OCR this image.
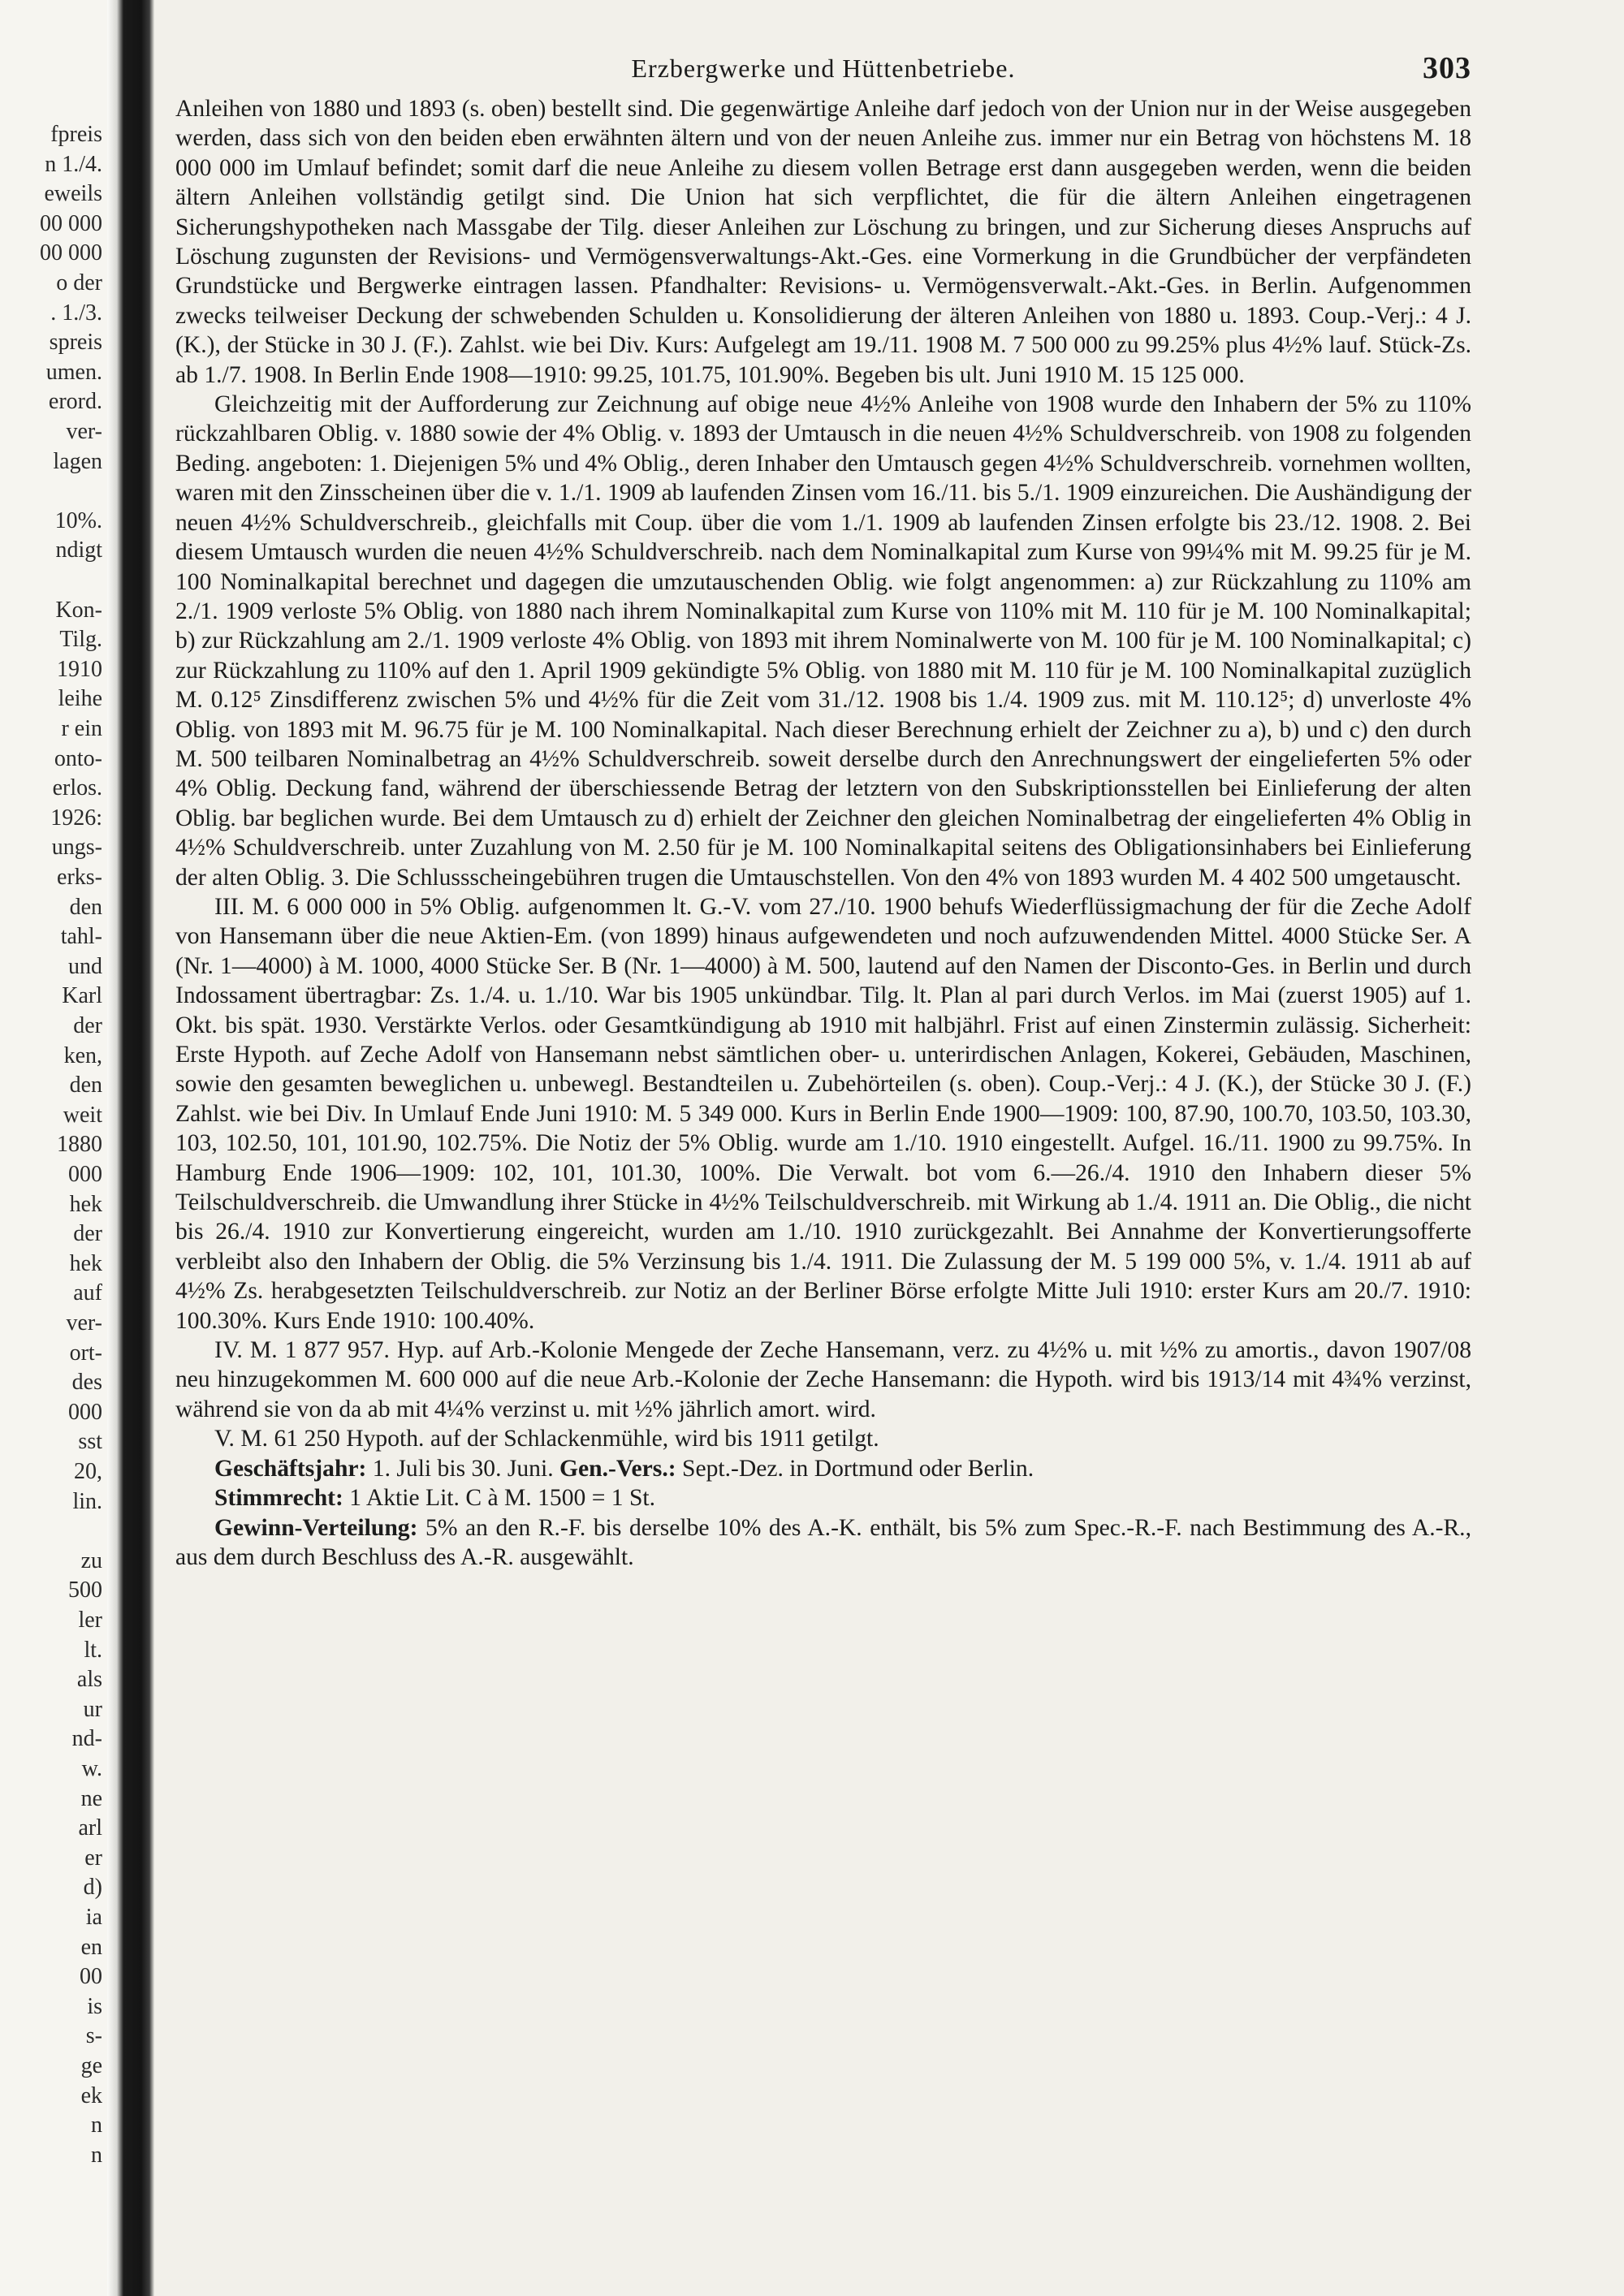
fpreis
n 1./4.
eweils
00 000
00 000
o der
. 1./3.
spreis
umen.
erord.
ver-
lagen
10%.
ndigt
Kon-
Tilg.
1910
leihe
r ein
onto-
erlos.
1926:
ungs-
erks-
den
tahl-
und
Karl
der
ken,
den
weit
1880
000
hek
der
hek
auf
ver-
ort-
des
000
sst
20,
lin.
zu
500
ler
lt.
als
ur
nd-
w.
ne
arl
er
d)
ia
en
00
is
s-
ge
ek
n
n
Erzbergwerke und Hüttenbetriebe.	303

Anleihen von 1880 und 1893 (s. oben) bestellt sind. Die gegenwärtige Anleihe darf jedoch von der Union nur in der Weise ausgegeben werden, dass sich von den beiden eben erwähnten ältern und von der neuen Anleihe zus. immer nur ein Betrag von höchstens M. 18 000 000 im Umlauf befindet; somit darf die neue Anleihe zu diesem vollen Betrage erst dann ausgegeben werden, wenn die beiden ältern Anleihen vollständig getilgt sind. Die Union hat sich verpflichtet, die für die ältern Anleihen eingetragenen Sicherungshypotheken nach Massgabe der Tilg. dieser Anleihen zur Löschung zu bringen, und zur Sicherung dieses Anspruchs auf Löschung zugunsten der Revisions- und Vermögensverwaltungs-Akt.-Ges. eine Vormerkung in die Grundbücher der verpfändeten Grundstücke und Bergwerke eintragen lassen. Pfandhalter: Revisions- u. Vermögensverwalt.-Akt.-Ges. in Berlin. Aufgenommen zwecks teilweiser Deckung der schwebenden Schulden u. Konsolidierung der älteren Anleihen von 1880 u. 1893. Coup.-Verj.: 4 J. (K.), der Stücke in 30 J. (F.). Zahlst. wie bei Div. Kurs: Aufgelegt am 19./11. 1908 M. 7 500 000 zu 99.25% plus 4½% lauf. Stück-Zs. ab 1./7. 1908. In Berlin Ende 1908—1910: 99.25, 101.75, 101.90%. Begeben bis ult. Juni 1910 M. 15 125 000.

Gleichzeitig mit der Aufforderung zur Zeichnung auf obige neue 4½% Anleihe von 1908 wurde den Inhabern der 5% zu 110% rückzahlbaren Oblig. v. 1880 sowie der 4% Oblig. v. 1893 der Umtausch in die neuen 4½% Schuldverschreib. von 1908 zu folgenden Beding. angeboten: 1. Diejenigen 5% und 4% Oblig., deren Inhaber den Umtausch gegen 4½% Schuldverschreib. vornehmen wollten, waren mit den Zinsscheinen über die v. 1./1. 1909 ab laufenden Zinsen vom 16./11. bis 5./1. 1909 einzureichen. Die Aushändigung der neuen 4½% Schuldverschreib., gleichfalls mit Coup. über die vom 1./1. 1909 ab laufenden Zinsen erfolgte bis 23./12. 1908. 2. Bei diesem Umtausch wurden die neuen 4½% Schuldverschreib. nach dem Nominalkapital zum Kurse von 99¼% mit M. 99.25 für je M. 100 Nominalkapital berechnet und dagegen die umzutauschenden Oblig. wie folgt angenommen: a) zur Rückzahlung zu 110% am 2./1. 1909 verloste 5% Oblig. von 1880 nach ihrem Nominalkapital zum Kurse von 110% mit M. 110 für je M. 100 Nominalkapital; b) zur Rückzahlung am 2./1. 1909 verloste 4% Oblig. von 1893 mit ihrem Nominalwerte von M. 100 für je M. 100 Nominalkapital; c) zur Rückzahlung zu 110% auf den 1. April 1909 gekündigte 5% Oblig. von 1880 mit M. 110 für je M. 100 Nominalkapital zuzüglich M. 0.12⁵ Zinsdifferenz zwischen 5% und 4½% für die Zeit vom 31./12. 1908 bis 1./4. 1909 zus. mit M. 110.12⁵; d) unverloste 4% Oblig. von 1893 mit M. 96.75 für je M. 100 Nominalkapital. Nach dieser Berechnung erhielt der Zeichner zu a), b) und c) den durch M. 500 teilbaren Nominalbetrag an 4½% Schuldverschreib. soweit derselbe durch den Anrechnungswert der eingelieferten 5% oder 4% Oblig. Deckung fand, während der überschiessende Betrag der letztern von den Subskriptionsstellen bei Einlieferung der alten Oblig. bar beglichen wurde. Bei dem Umtausch zu d) erhielt der Zeichner den gleichen Nominalbetrag der eingelieferten 4% Oblig in 4½% Schuldverschreib. unter Zuzahlung von M. 2.50 für je M. 100 Nominalkapital seitens des Obligationsinhabers bei Einlieferung der alten Oblig. 3. Die Schlussscheingebühren trugen die Umtauschstellen. Von den 4% von 1893 wurden M. 4 402 500 umgetauscht.

III. M. 6 000 000 in 5% Oblig. aufgenommen lt. G.-V. vom 27./10. 1900 behufs Wiederflüssigmachung der für die Zeche Adolf von Hansemann über die neue Aktien-Em. (von 1899) hinaus aufgewendeten und noch aufzuwendenden Mittel. 4000 Stücke Ser. A (Nr. 1—4000) à M. 1000, 4000 Stücke Ser. B (Nr. 1—4000) à M. 500, lautend auf den Namen der Disconto-Ges. in Berlin und durch Indossament übertragbar: Zs. 1./4. u. 1./10. War bis 1905 unkündbar. Tilg. lt. Plan al pari durch Verlos. im Mai (zuerst 1905) auf 1. Okt. bis spät. 1930. Verstärkte Verlos. oder Gesamtkündigung ab 1910 mit halbjährl. Frist auf einen Zinstermin zulässig. Sicherheit: Erste Hypoth. auf Zeche Adolf von Hansemann nebst sämtlichen ober- u. unterirdischen Anlagen, Kokerei, Gebäuden, Maschinen, sowie den gesamten beweglichen u. unbewegl. Bestandteilen u. Zubehörteilen (s. oben). Coup.-Verj.: 4 J. (K.), der Stücke 30 J. (F.) Zahlst. wie bei Div. In Umlauf Ende Juni 1910: M. 5 349 000. Kurs in Berlin Ende 1900—1909: 100, 87.90, 100.70, 103.50, 103.30, 103, 102.50, 101, 101.90, 102.75%. Die Notiz der 5% Oblig. wurde am 1./10. 1910 eingestellt. Aufgel. 16./11. 1900 zu 99.75%. In Hamburg Ende 1906—1909: 102, 101, 101.30, 100%. Die Verwalt. bot vom 6.—26./4. 1910 den Inhabern dieser 5% Teilschuldverschreib. die Umwandlung ihrer Stücke in 4½% Teilschuldverschreib. mit Wirkung ab 1./4. 1911 an. Die Oblig., die nicht bis 26./4. 1910 zur Konvertierung eingereicht, wurden am 1./10. 1910 zurückgezahlt. Bei Annahme der Konvertierungsofferte verbleibt also den Inhabern der Oblig. die 5% Verzinsung bis 1./4. 1911. Die Zulassung der M. 5 199 000 5%, v. 1./4. 1911 ab auf 4½% Zs. herabgesetzten Teilschuldverschreib. zur Notiz an der Berliner Börse erfolgte Mitte Juli 1910: erster Kurs am 20./7. 1910: 100.30%. Kurs Ende 1910: 100.40%.

IV. M. 1 877 957. Hyp. auf Arb.-Kolonie Mengede der Zeche Hansemann, verz. zu 4½% u. mit ½% zu amortis., davon 1907/08 neu hinzugekommen M. 600 000 auf die neue Arb.-Kolonie der Zeche Hansemann: die Hypoth. wird bis 1913/14 mit 4¾% verzinst, während sie von da ab mit 4¼% verzinst u. mit ½% jährlich amort. wird.

V. M. 61 250 Hypoth. auf der Schlackenmühle, wird bis 1911 getilgt.

Geschäftsjahr: 1. Juli bis 30. Juni. Gen.-Vers.: Sept.-Dez. in Dortmund oder Berlin.

Stimmrecht: 1 Aktie Lit. C à M. 1500 = 1 St.

Gewinn-Verteilung: 5% an den R.-F. bis derselbe 10% des A.-K. enthält, bis 5% zum Spec.-R.-F. nach Bestimmung des A.-R., aus dem durch Beschluss des A.-R. ausgewählt.
